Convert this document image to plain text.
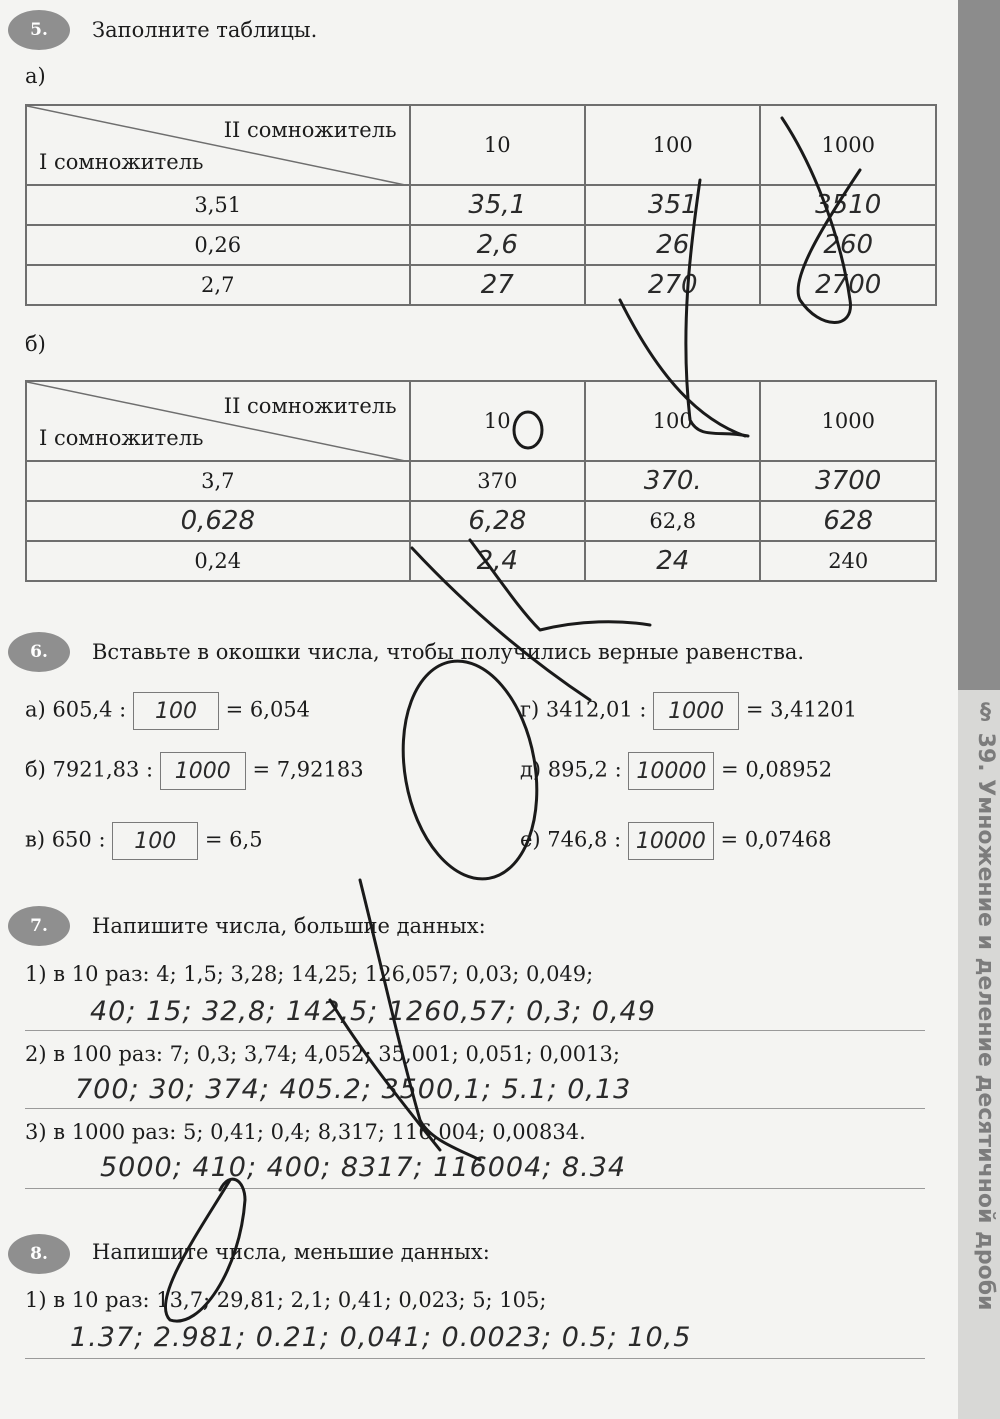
§ 39. Умножение и деление десятичной дроби
5.	Заполните таблицы.
а)
II сомножитель
I сомножитель	10	100	1000
3,51	35,1	351	3510
0,26	2,6	26	260
2,7	27	270	2700
б)
II сомножитель
I сомножитель	10	100	1000
3,7	370	370.	3700
0,628	6,28	62,8	628
0,24	2,4	24	240
6.	Вставьте в окошки числа, чтобы получились верные равенства.
а) 605,4 : 100 = 6,054
б) 7921,83 : 1000 = 7,92183
в) 650 : 100 = 6,5
г) 3412,01 : 1000 = 3,41201
д) 895,2 : 10000 = 0,08952
е) 746,8 : 10000 = 0,07468
7.	Напишите числа, большие данных:
1) в 10 раз: 4; 1,5; 3,28; 14,25; 126,057; 0,03; 0,049;
40; 15; 32,8; 142,5; 1260,57; 0,3; 0,49
2) в 100 раз: 7; 0,3; 3,74; 4,052; 35,001; 0,051; 0,0013;
700; 30; 374; 405.2; 3500,1; 5.1; 0,13
3) в 1000 раз: 5; 0,41; 0,4; 8,317; 116,004; 0,00834.
5000; 410; 400; 8317; 116004; 8.34
8.	Напишите числа, меньшие данных:
1) в 10 раз: 13,7; 29,81; 2,1; 0,41; 0,023; 5; 105;
1.37; 2.981; 0.21; 0,041; 0.0023; 0.5; 10,5
